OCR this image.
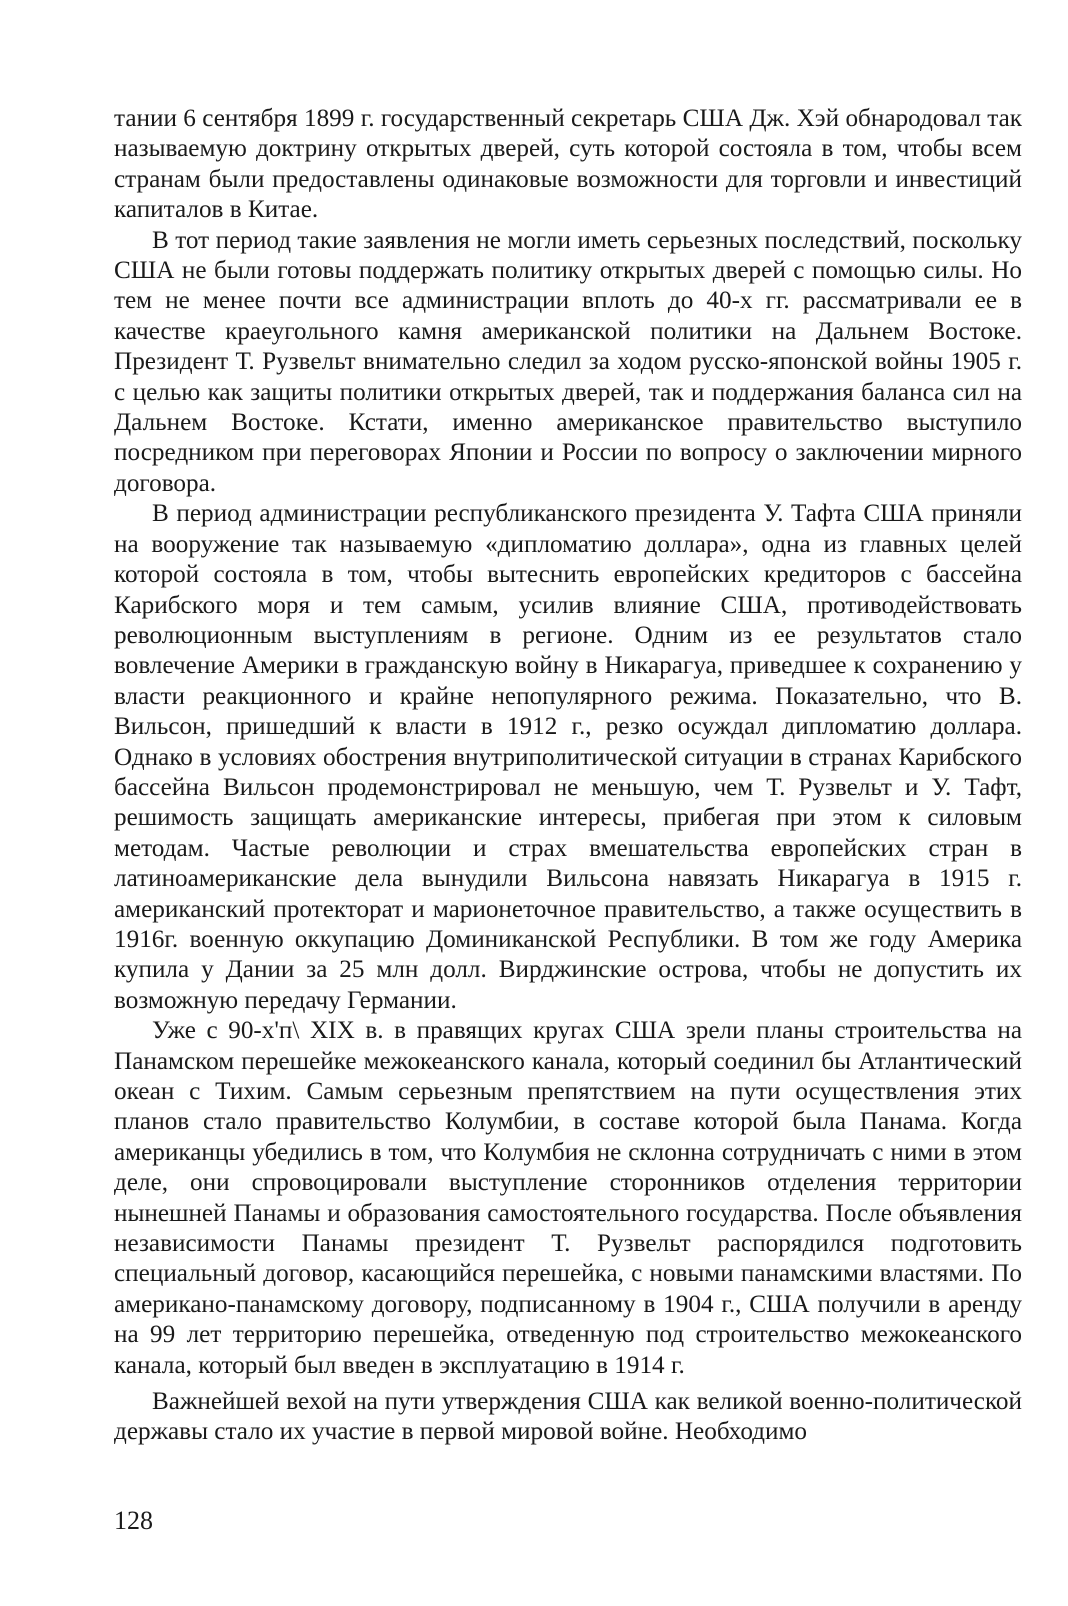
тании 6 сентября 1899 г. государственный секретарь США Дж. Хэй обнародовал так называемую доктрину открытых дверей, суть которой состояла в том, чтобы всем странам были предоставлены одинаковые возможности для торговли и инвестиций капиталов в Китае.

В тот период такие заявления не могли иметь серьезных последствий, поскольку США не были готовы поддержать политику открытых дверей с помощью силы. Но тем не менее почти все администрации вплоть до 40-х гг. рассматривали ее в качестве краеугольного камня американской политики на Дальнем Востоке. Президент Т. Рузвельт внимательно следил за ходом русско-японской войны 1905 г. с целью как защиты политики открытых дверей, так и поддержания баланса сил на Дальнем Востоке. Кстати, именно американское правительство выступило посредником при переговорах Японии и России по вопросу о заключении мирного договора.

В период администрации республиканского президента У. Тафта США приняли на вооружение так называемую «дипломатию доллара», одна из главных целей которой состояла в том, чтобы вытеснить европейских кредиторов с бассейна Карибского моря и тем самым, усилив влияние США, противодействовать революционным выступлениям в регионе. Одним из ее результатов стало вовлечение Америки в гражданскую войну в Никарагуа, приведшее к сохранению у власти реакционного и крайне непопулярного режима. Показательно, что В. Вильсон, пришедший к власти в 1912 г., резко осуждал дипломатию доллара. Однако в условиях обострения внутриполитической ситуации в странах Карибского бассейна Вильсон продемонстрировал не меньшую, чем Т. Рузвельт и У. Тафт, решимость защищать американские интересы, прибегая при этом к силовым методам. Частые революции и страх вмешательства европейских стран в латиноамериканские дела вынудили Вильсона навязать Никарагуа в 1915 г. американский протекторат и марионеточное правительство, а также осуществить в 1916г. военную оккупацию Доминиканской Республики. В том же году Америка купила у Дании за 25 млн долл. Вирджинские острова, чтобы не допустить их возможную передачу Германии.

Уже с 90-х'п\ XIX в. в правящих кругах США зрели планы строительства на Панамском перешейке межокеанского канала, который соединил бы Атлантический океан с Тихим. Самым серьезным препятствием на пути осуществления этих планов стало правительство Колумбии, в составе которой была Панама. Когда американцы убедились в том, что Колумбия не склонна сотрудничать с ними в этом деле, они спровоцировали выступление сторонников отделения территории нынешней Панамы и образования самостоятельного государства. После объявления независимости Панамы президент Т. Рузвельт распорядился подготовить специальный договор, касающийся перешейка, с новыми панамскими властями. По американо-панамскому договору, подписанному в 1904 г., США получили в аренду на 99 лет территорию перешейка, отведенную под строительство межокеанского канала, который был введен в эксплуатацию в 1914 г.

Важнейшей вехой на пути утверждения США как великой военно-политической державы стало их участие в первой мировой войне. Необходимо

128
